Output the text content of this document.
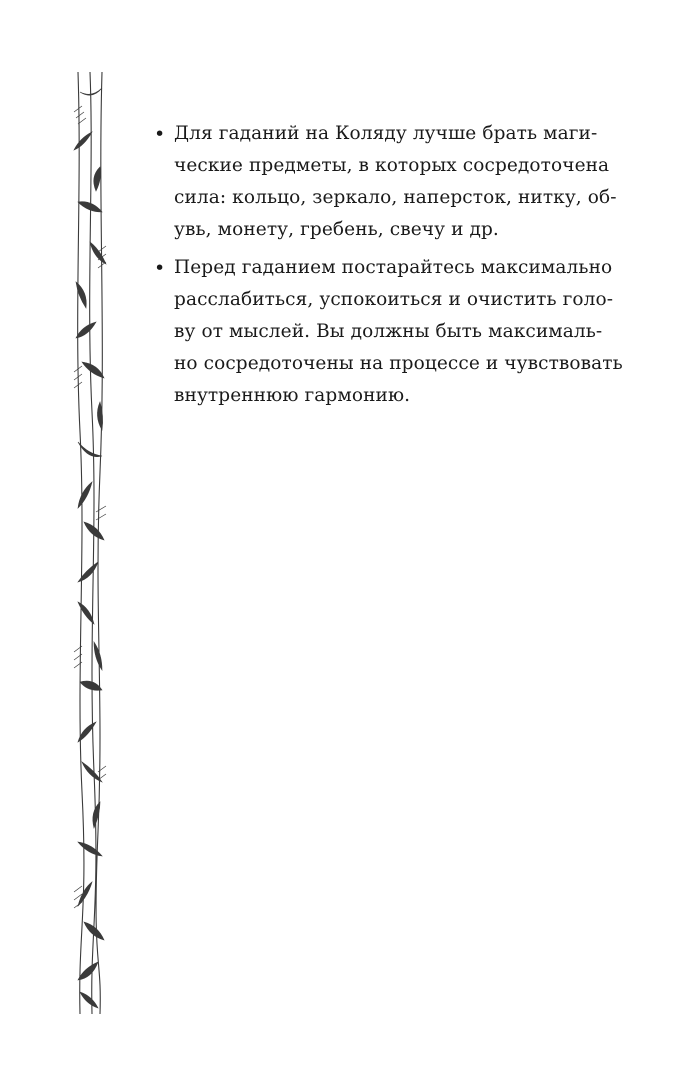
• Для гаданий на Коляду лучше брать маги-
ческие предметы, в которых сосредоточена
сила: кольцо, зеркало, наперсток, нитку, об-
увь, монету, гребень, свечу и др.
• Перед гаданием постарайтесь максимально
расслабиться, успокоиться и очистить голо-
ву от мыслей. Вы должны быть максималь-
но сосредоточены на процессе и чувствовать
внутреннюю гармонию.
